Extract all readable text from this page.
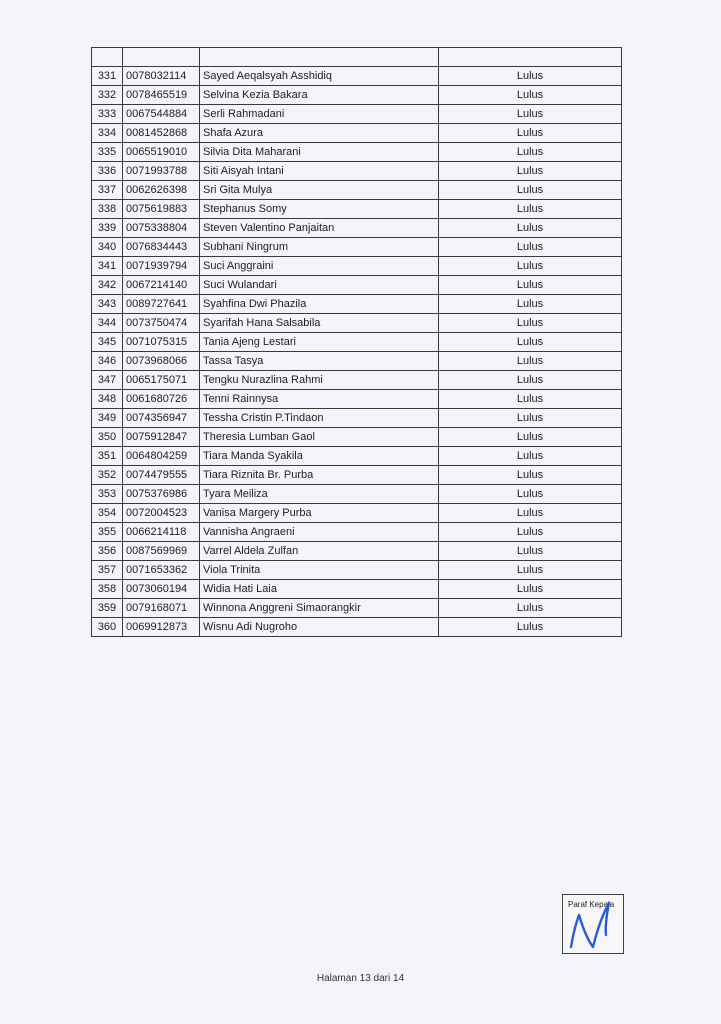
331	0078032114	Sayed Aeqalsyah Asshidiq	Lulus
332	0078465519	Selvina Kezia Bakara	Lulus
333	0067544884	Serli Rahmadani	Lulus
334	0081452868	Shafa Azura	Lulus
335	0065519010	Silvia Dita Maharani	Lulus
336	0071993788	Siti Aisyah Intani	Lulus
337	0062626398	Sri Gita Mulya	Lulus
338	0075619883	Stephanus Somy	Lulus
339	0075338804	Steven Valentino Panjaitan	Lulus
340	0076834443	Subhani Ningrum	Lulus
341	0071939794	Suci Anggraini	Lulus
342	0067214140	Suci Wulandari	Lulus
343	0089727641	Syahfina Dwi Phazila	Lulus
344	0073750474	Syarifah Hana Salsabila	Lulus
345	0071075315	Tania Ajeng Lestari	Lulus
346	0073968066	Tassa Tasya	Lulus
347	0065175071	Tengku Nurazlina Rahmi	Lulus
348	0061680726	Tenni Rainnysa	Lulus
349	0074356947	Tessha Cristin P.Tindaon	Lulus
350	0075912847	Theresia Lumban Gaol	Lulus
351	0064804259	Tiara Manda Syakila	Lulus
352	0074479555	Tiara Riznita Br. Purba	Lulus
353	0075376986	Tyara Meiliza	Lulus
354	0072004523	Vanisa Margery Purba	Lulus
355	0066214118	Vannisha Angraeni	Lulus
356	0087569969	Varrel Aldela Zulfan	Lulus
357	0071653362	Viola Trinita	Lulus
358	0073060194	Widia Hati Laia	Lulus
359	0079168071	Winnona Anggreni Simaorangkir	Lulus
360	0069912873	Wisnu Adi Nugroho	Lulus
Paraf Kepala
Halaman 13 dari 14
